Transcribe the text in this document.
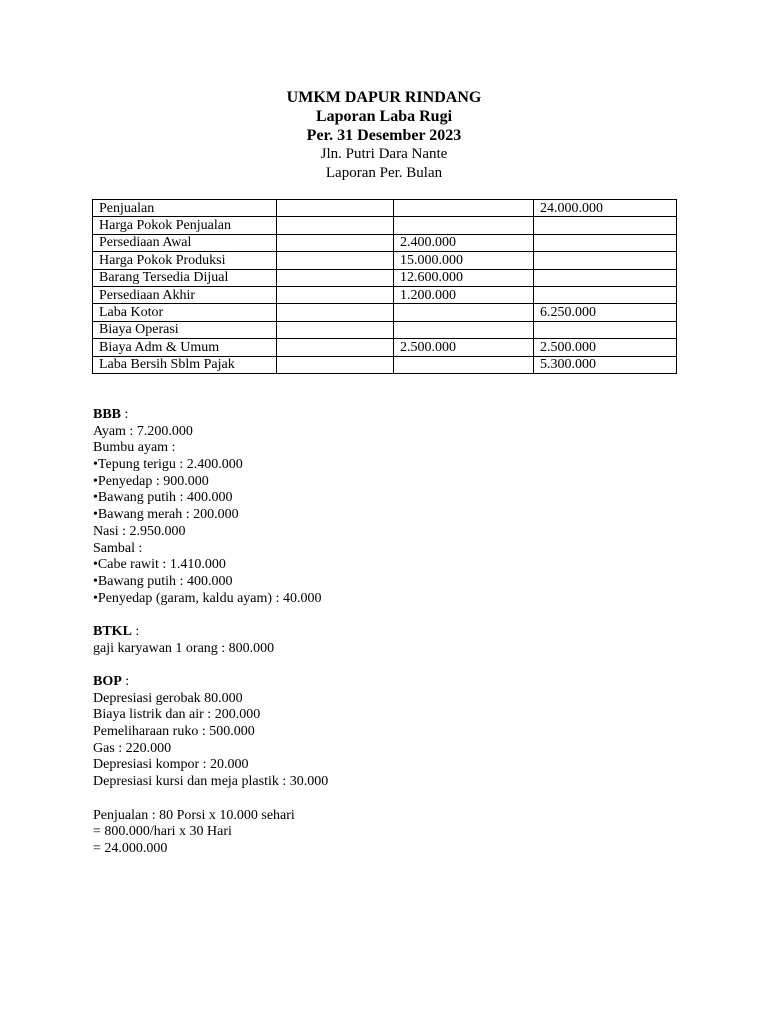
UMKM DAPUR RINDANG
Laporan Laba Rugi
Per. 31 Desember 2023
Jln. Putri Dara Nante
Laporan Per. Bulan
Penjualan			24.000.000
Harga Pokok Penjualan			
Persediaan Awal		2.400.000	
Harga Pokok Produksi		15.000.000	
Barang Tersedia Dijual		12.600.000	
Persediaan Akhir		1.200.000	
Laba Kotor			6.250.000
Biaya Operasi			
Biaya Adm & Umum		2.500.000	2.500.000
Laba Bersih Sblm Pajak			5.300.000
BBB :
Ayam : 7.200.000
Bumbu ayam :
•Tepung terigu : 2.400.000
•Penyedap : 900.000
•Bawang putih : 400.000
•Bawang merah : 200.000
Nasi : 2.950.000
Sambal :
•Cabe rawit : 1.410.000
•Bawang putih : 400.000
•Penyedap (garam, kaldu ayam) : 40.000
BTKL :
gaji karyawan 1 orang : 800.000
BOP :
Depresiasi gerobak 80.000
Biaya listrik dan air : 200.000
Pemeliharaan ruko : 500.000
Gas : 220.000
Depresiasi kompor : 20.000
Depresiasi kursi dan meja plastik : 30.000
Penjualan : 80 Porsi x 10.000 sehari
= 800.000/hari x 30 Hari
= 24.000.000
